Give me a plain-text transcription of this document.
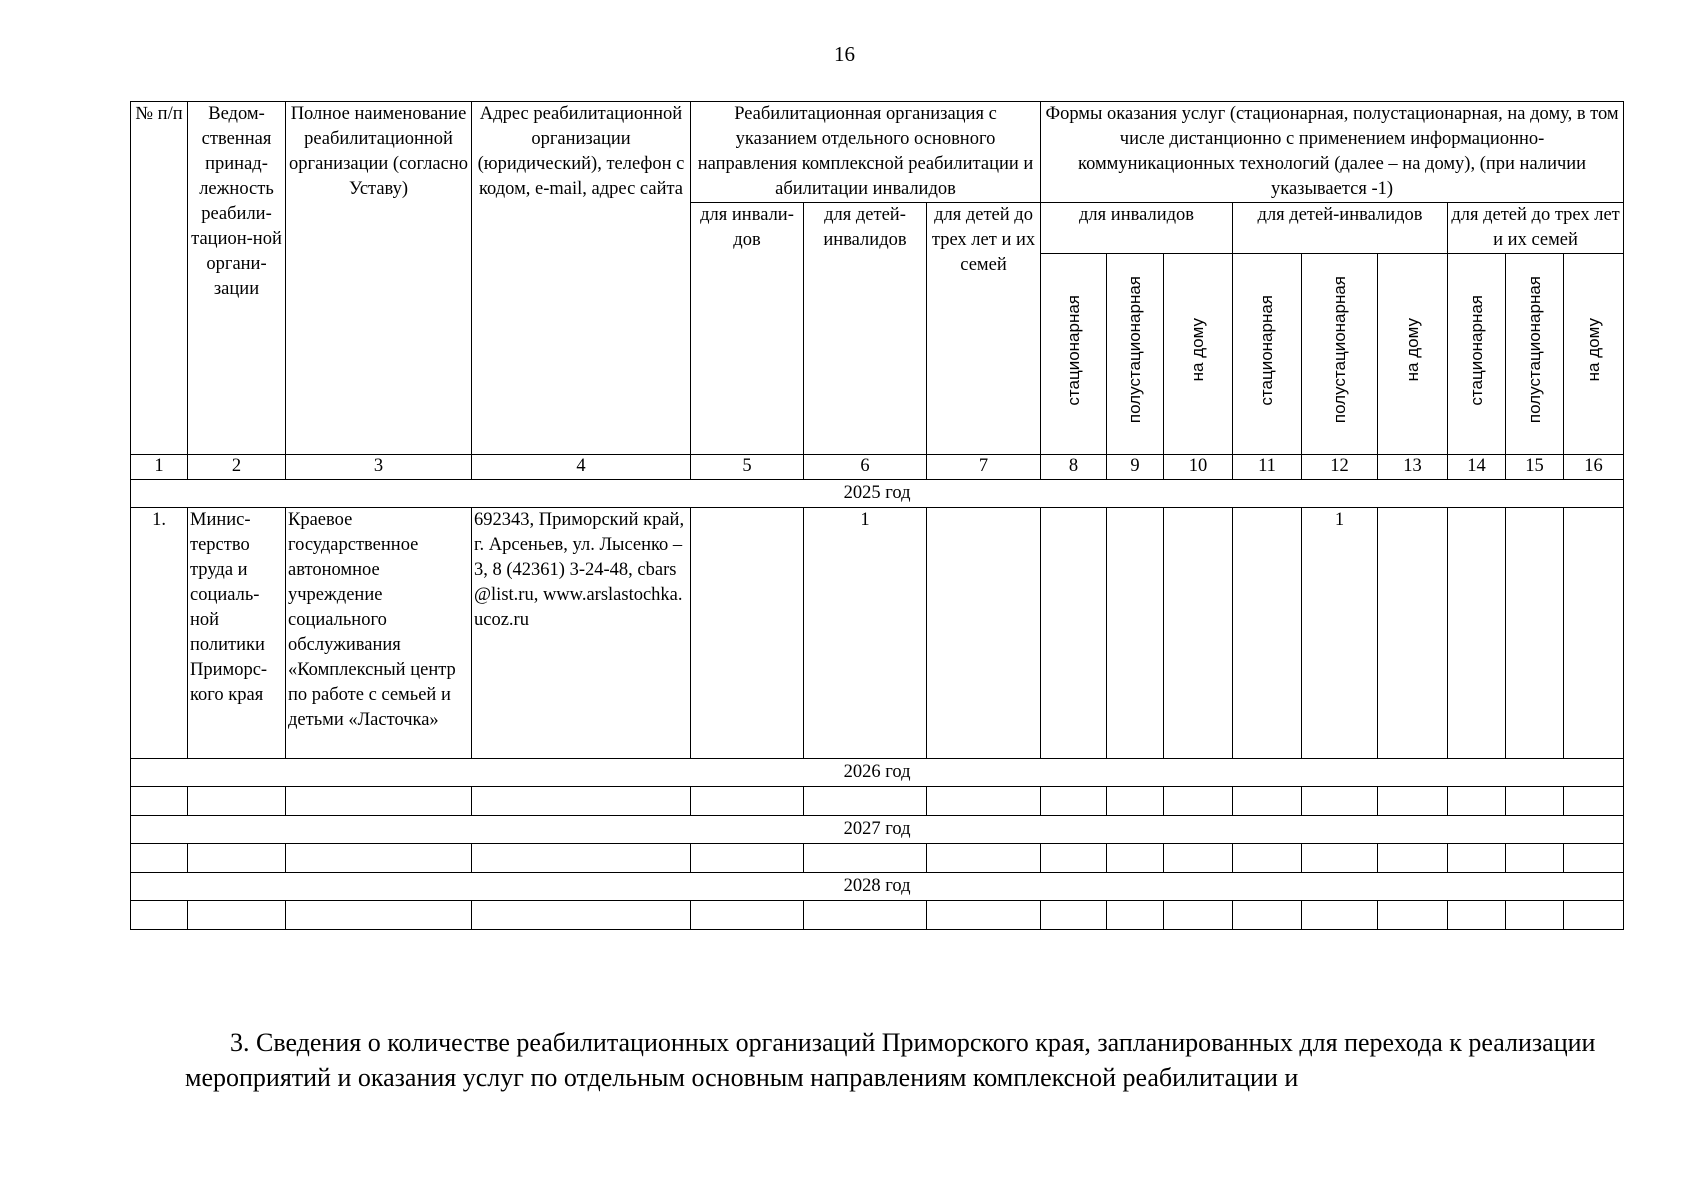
16
№ п/п	Ведом-ственная принад-лежность реабили-тацион-ной органи-зации	Полное наименование реабилитационной организации (согласно Уставу)	Адрес реабилитационной организации (юридический), телефон с кодом, e-mail, адрес сайта	Реабилитационная организация с указанием отдельного основного направления комплексной реабилитации и абилитации инвалидов			Формы оказания услуг (стационарная, полустационарная, на дому, в том числе дистанционно с применением информационно-коммуникационных технологий (далее – на дому), (при наличии указывается -1)								
				для инвали-дов	для детей-инвалидов	для детей до трех лет и их семей	для инвалидов			для детей-инвалидов			для детей до трех лет и их семей		
							стационарная	полустационарная	на дому	стационарная	полустационарная	на дому	стационарная	полустационарная	на дому
1	2	3	4	5	6	7	8	9	10	11	12	13	14	15	16
2025 год															
1.	Минис-терство труда и социаль-ной политики Приморс-кого края	Краевое государственное автономное учреждение социального обслуживания «Комплексный центр по работе с семьей и детьми «Ласточка»	692343, Приморский край, г. Арсеньев, ул. Лысенко – 3, 8 (42361) 3-24-48, cbars@list.ru, www.arslastochka.ucoz.ru		1						1				
2026 год															

2027 год															

2028 год															

3. Сведения о количестве реабилитационных организаций Приморского края, запланированных для перехода к реализации мероприятий и оказания услуг по отдельным основным направлениям комплексной реабилитации и
